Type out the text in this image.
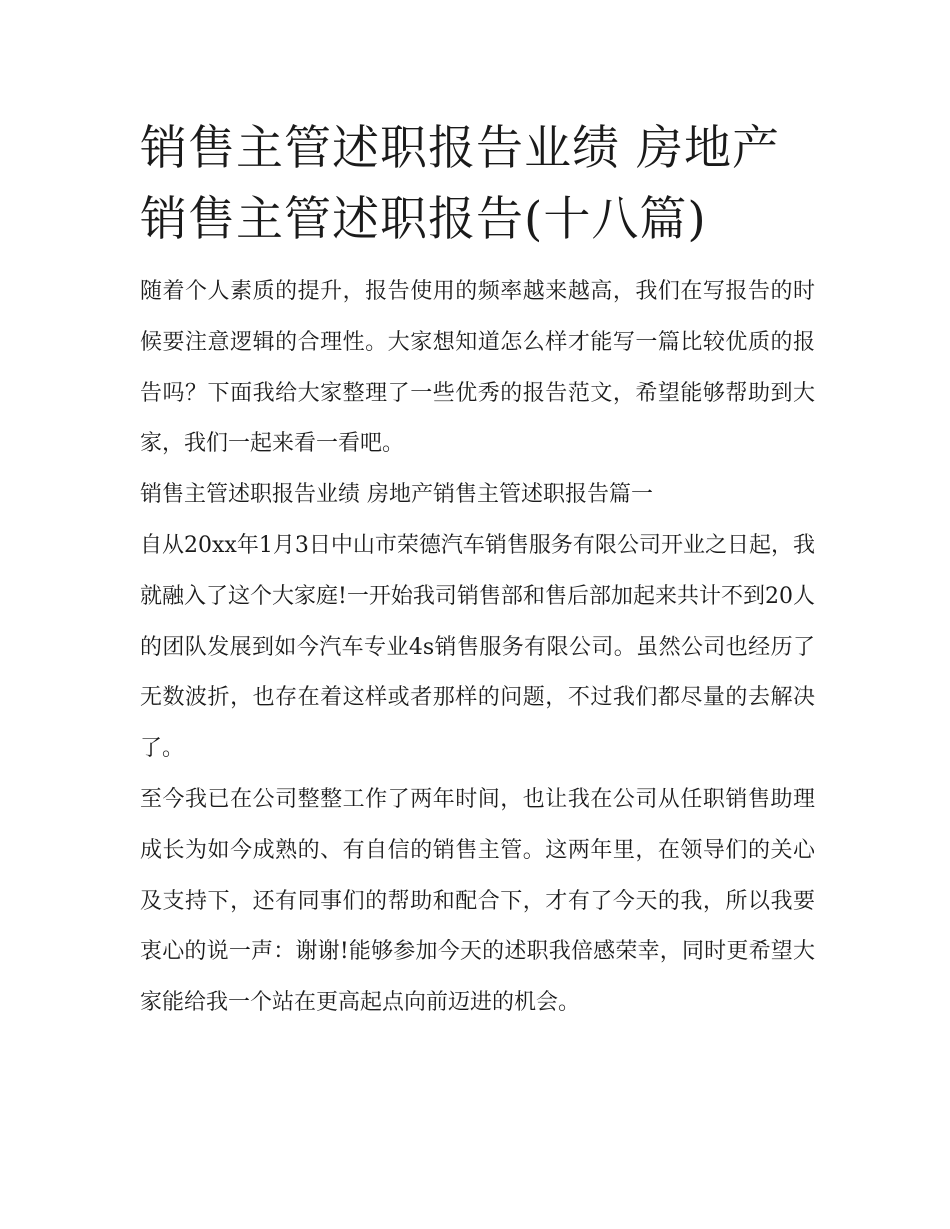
销售主管述职报告业绩 房地产销售主管述职报告(十八篇)

随着个人素质的提升，报告使用的频率越来越高，我们在写报告的时候要注意逻辑的合理性。大家想知道怎么样才能写一篇比较优质的报告吗？下面我给大家整理了一些优秀的报告范文，希望能够帮助到大家，我们一起来看一看吧。

销售主管述职报告业绩 房地产销售主管述职报告篇一

自从20xx年1月3日中山市荣德汽车销售服务有限公司开业之日起，我就融入了这个大家庭!一开始我司销售部和售后部加起来共计不到20人的团队发展到如今汽车专业4s销售服务有限公司。虽然公司也经历了无数波折，也存在着这样或者那样的问题，不过我们都尽量的去解决了。

至今我已在公司整整工作了两年时间，也让我在公司从任职销售助理成长为如今成熟的、有自信的销售主管。这两年里，在领导们的关心及支持下，还有同事们的帮助和配合下，才有了今天的我，所以我要衷心的说一声：谢谢!能够参加今天的述职我倍感荣幸，同时更希望大家能给我一个站在更高起点向前迈进的机会。
